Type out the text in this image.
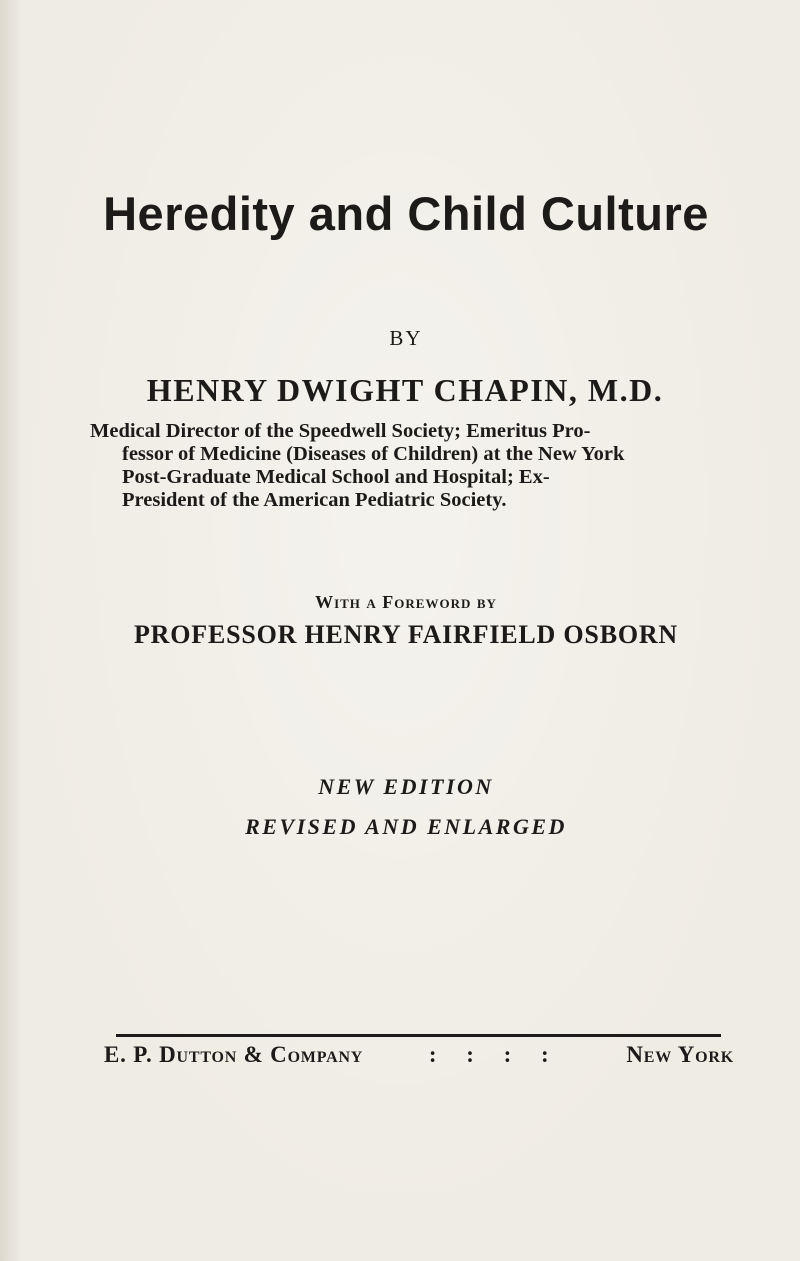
Heredity and Child Culture
BY
HENRY DWIGHT CHAPIN, M.D.
Medical Director of the Speedwell Society; Emeritus Pro-
fessor of Medicine (Diseases of Children) at the New York
Post-Graduate Medical School and Hospital; Ex-
President of the American Pediatric Society.
With a Foreword by
PROFESSOR HENRY FAIRFIELD OSBORN
NEW EDITION
REVISED AND ENLARGED
E. P. Dutton & Company	: : : :	New York
